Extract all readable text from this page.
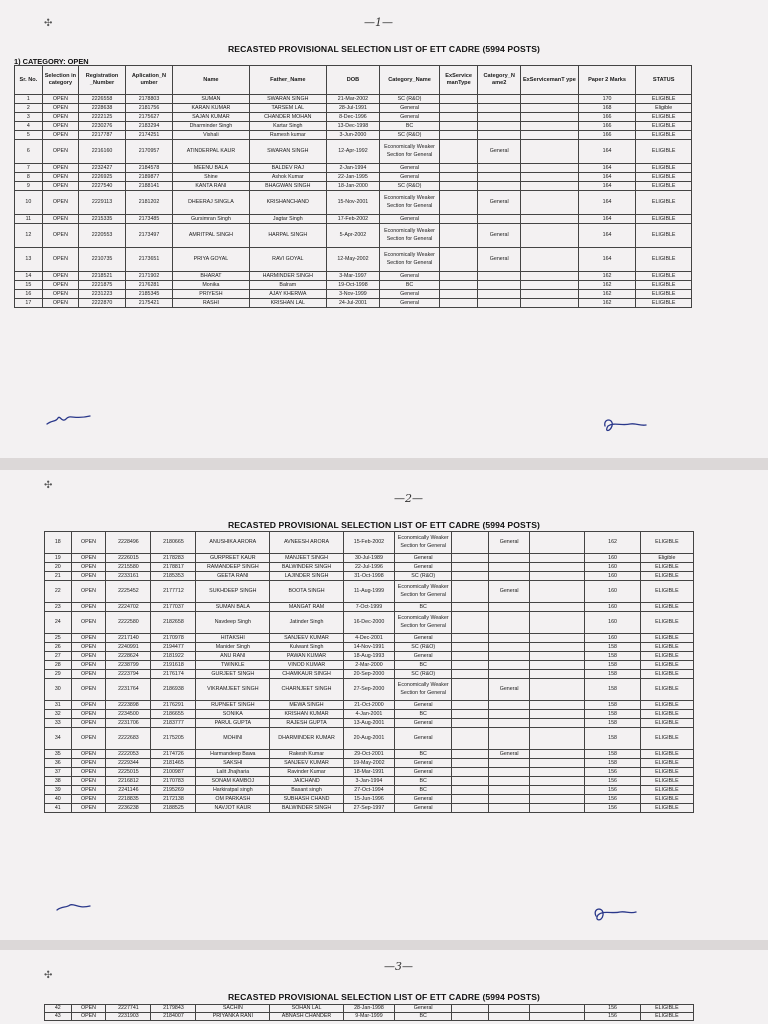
—1—
✣
RECASTED PROVISIONAL SELECTION LIST OF ETT CADRE (5994 POSTS)
1) CATEGORY: OPEN
Sr. No.	Selection in category	Registration _Number	Aplication_N umber	Name	Father_Name	DOB	Category_Name	ExService manType	Category_N ame2	ExServicemanT ype	Paper 2 Marks	STATUS
1	OPEN	2226558	2178803	SUMAN	SWARAN SINGH	21-Mar-2002	SC (R&O)				170	ELIGIBLE
2	OPEN	2228638	2181756	KARAN KUMAR	TARSEM LAL	28-Jul-1991	General				168	Eligible
3	OPEN	2222125	2175627	SAJAN KUMAR	CHANDER MOHAN	8-Dec-1996	General				166	ELIGIBLE
4	OPEN	2230276	2183294	Dharminder Singh	Kartar Singh	13-Dec-1998	BC				166	ELIGIBLE
5	OPEN	2217787	2174251	Vishali	Ramesh kumar	3-Jun-2000	SC (R&O)				166	ELIGIBLE
6	OPEN	2216160	2170957	ATINDERPAL KAUR	SWARAN SINGH	12-Apr-1992	Economically Weaker Section for General		General		164	ELIGIBLE
7	OPEN	2232427	2184578	MEENU BALA	BALDEV RAJ	2-Jan-1994	General				164	ELIGIBLE
8	OPEN	2226925	2189877	Shine	Ashok Kumar	22-Jan-1995	General				164	ELIGIBLE
9	OPEN	2227540	2188141	KANTA RANI	BHAGWAN SINGH	18-Jan-2000	SC (R&O)				164	ELIGIBLE
10	OPEN	2229113	2181202	DHEERAJ SINGLA	KRISHANCHAND	15-Nov-2001	Economically Weaker Section for General		General		164	ELIGIBLE
11	OPEN	2215335	2173485	Gursimran Singh	Jagtar Singh	17-Feb-2002	General				164	ELIGIBLE
12	OPEN	2220553	2173497	AMRITPAL SINGH	HARPAL SINGH	5-Apr-2002	Economically Weaker Section for General		General		164	ELIGIBLE
13	OPEN	2210735	2173651	PRIYA GOYAL	RAVI GOYAL	12-May-2002	Economically Weaker Section for General		General		164	ELIGIBLE
14	OPEN	2218521	2171902	BHARAT	HARMINDER SINGH	3-Mar-1997	General				162	ELIGIBLE
15	OPEN	2221875	2176281	Monika	Balram	19-Oct-1998	BC				162	ELIGIBLE
16	OPEN	2231223	2185345	PRIYESH	AJAY KHERWA	3-Nov-1999	General				162	ELIGIBLE
17	OPEN	2222870	2175421	RASHI	KRISHAN LAL	24-Jul-2001	General				162	ELIGIBLE
—2—
✣
RECASTED PROVISIONAL SELECTION LIST OF ETT CADRE (5994 POSTS)
18	OPEN	2228496	2180665	ANUSHIKA ARORA	AVNEESH ARORA	15-Feb-2002	Economically Weaker Section for General		General		162	ELIGIBLE
19	OPEN	2226015	2178283	GURPREET KAUR	MANJEET SINGH	30-Jul-1989	General				160	Eligible
20	OPEN	2215580	2178817	RAMANDEEP SINGH	BALWINDER SINGH	22-Jul-1996	General				160	ELIGIBLE
21	OPEN	2233161	2185353	GEETA RANI	LAJINDER SINGH	31-Oct-1998	SC (R&O)				160	ELIGIBLE
22	OPEN	2225452	2177712	SUKHDEEP SINGH	BOOTA SINGH	11-Aug-1999	Economically Weaker Section for General		General		160	ELIGIBLE
23	OPEN	2224702	2177037	SUMAN BALA	MANGAT RAM	7-Oct-1999	BC				160	ELIGIBLE
24	OPEN	2222580	2182658	Navdeep Singh	Jatinder Singh	16-Dec-2000	Economically Weaker Section for General				160	ELIGIBLE
25	OPEN	2217140	2170978	HITAKSHI	SANJEEV KUMAR	4-Dec-2001	General				160	ELIGIBLE
26	OPEN	2240991	2194477	Manider Singh	Kulwant Singh	14-Nov-1991	SC (R&O)				158	ELIGIBLE
27	OPEN	2228624	2181922	ANU RANI	PAWAN KUMAR	18-Aug-1993	General				158	ELIGIBLE
28	OPEN	2238799	2191618	TWINKLE	VINOD KUMAR	2-Mar-2000	BC				158	ELIGIBLE
29	OPEN	2223794	2176174	GURJEET SINGH	CHAMKAUR SINGH	20-Sep-2000	SC (R&O)				158	ELIGIBLE
30	OPEN	2231764	2186938	VIKRAMJEET SINGH	CHARNJEET SINGH	27-Sep-2000	Economically Weaker Section for General		General		158	ELIGIBLE
31	OPEN	2223898	2176291	RUPNEET SINGH	MEWA SINGH	21-Oct-2000	General				158	ELIGIBLE
32	OPEN	2234500	2186655	SONIKA	KRISHAN KUMAR	4-Jan-2001	BC				158	ELIGIBLE
33	OPEN	2231706	2183777	PARUL GUPTA	RAJESH GUPTA	13-Aug-2001	General				158	ELIGIBLE
34	OPEN	2222683	2175205	MOHINI	DHARMINDER KUMAR	20-Aug-2001	General				158	ELIGIBLE
35	OPEN	2222053	2174726	Harmandeep Bawa	Rakesh Kumar	29-Oct-2001	BC		General		158	ELIGIBLE
36	OPEN	2229344	2181465	SAKSHI	SANJEEV KUMAR	19-May-2002	General				158	ELIGIBLE
37	OPEN	2225015	2100987	Lalit Jhajharia	Ravinder Kumar	18-Mar-1991	General				156	ELIGIBLE
38	OPEN	2216812	2170783	SONAM KAMBOJ	JAICHAND	3-Jan-1994	BC				156	ELIGIBLE
39	OPEN	2241146	2195269	Harkiratpal singh	Basant singh	27-Oct-1994	BC				156	ELIGIBLE
40	OPEN	2218835	2172138	OM PARKASH	SUBHASH CHAND	15-Jun-1996	General				156	ELIGIBLE
41	OPEN	2236238	2188525	NAVJOT KAUR	BALWINDER SINGH	27-Sep-1997	General				156	ELIGIBLE
—3—
✣
RECASTED PROVISIONAL SELECTION LIST OF ETT CADRE (5994 POSTS)
42	OPEN	2227741	2179843	SACHIN	SOHAN LAL	28-Jan-1998	General				156	ELIGIBLE
43	OPEN	2231903	2184007	PRIYANKA RANI	ABNASH CHANDER	9-Mar-1999	BC				156	ELIGIBLE
